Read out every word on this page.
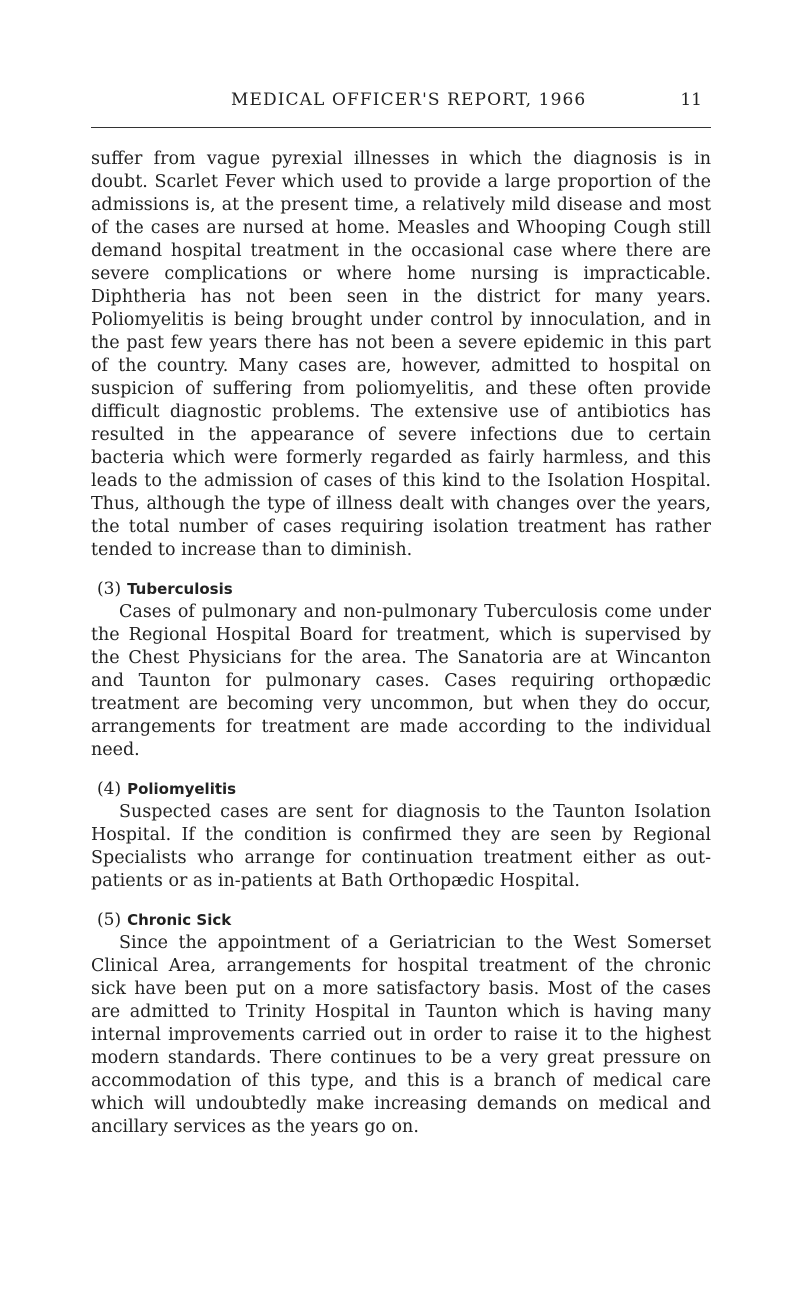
MEDICAL OFFICER'S REPORT, 1966	11

suffer from vague pyrexial illnesses in which the diagnosis is in doubt. Scarlet Fever which used to provide a large proportion of the admissions is, at the present time, a relatively mild disease and most of the cases are nursed at home. Measles and Whooping Cough still demand hospital treatment in the occasional case where there are severe complications or where home nursing is impracticable. Diphtheria has not been seen in the district for many years. Poliomyelitis is being brought under control by innoculation, and in the past few years there has not been a severe epidemic in this part of the country. Many cases are, however, admitted to hospital on suspicion of suffering from poliomyelitis, and these often provide difficult diagnostic problems. The extensive use of antibiotics has resulted in the appearance of severe infections due to certain bacteria which were formerly regarded as fairly harmless, and this leads to the admission of cases of this kind to the Isolation Hospital. Thus, although the type of illness dealt with changes over the years, the total number of cases requiring isolation treatment has rather tended to increase than to diminish.

(3) Tuberculosis

Cases of pulmonary and non-pulmonary Tuberculosis come under the Regional Hospital Board for treatment, which is supervised by the Chest Physicians for the area. The Sanatoria are at Wincanton and Taunton for pulmonary cases. Cases requiring orthopædic treatment are becoming very uncommon, but when they do occur, arrangements for treatment are made according to the individual need.

(4) Poliomyelitis

Suspected cases are sent for diagnosis to the Taunton Isolation Hospital. If the condition is confirmed they are seen by Regional Specialists who arrange for continuation treatment either as out-patients or as in-patients at Bath Orthopædic Hospital.

(5) Chronic Sick

Since the appointment of a Geriatrician to the West Somerset Clinical Area, arrangements for hospital treatment of the chronic sick have been put on a more satisfactory basis. Most of the cases are admitted to Trinity Hospital in Taunton which is having many internal improvements carried out in order to raise it to the highest modern standards. There continues to be a very great pressure on accommodation of this type, and this is a branch of medical care which will undoubtedly make increasing demands on medical and ancillary services as the years go on.
